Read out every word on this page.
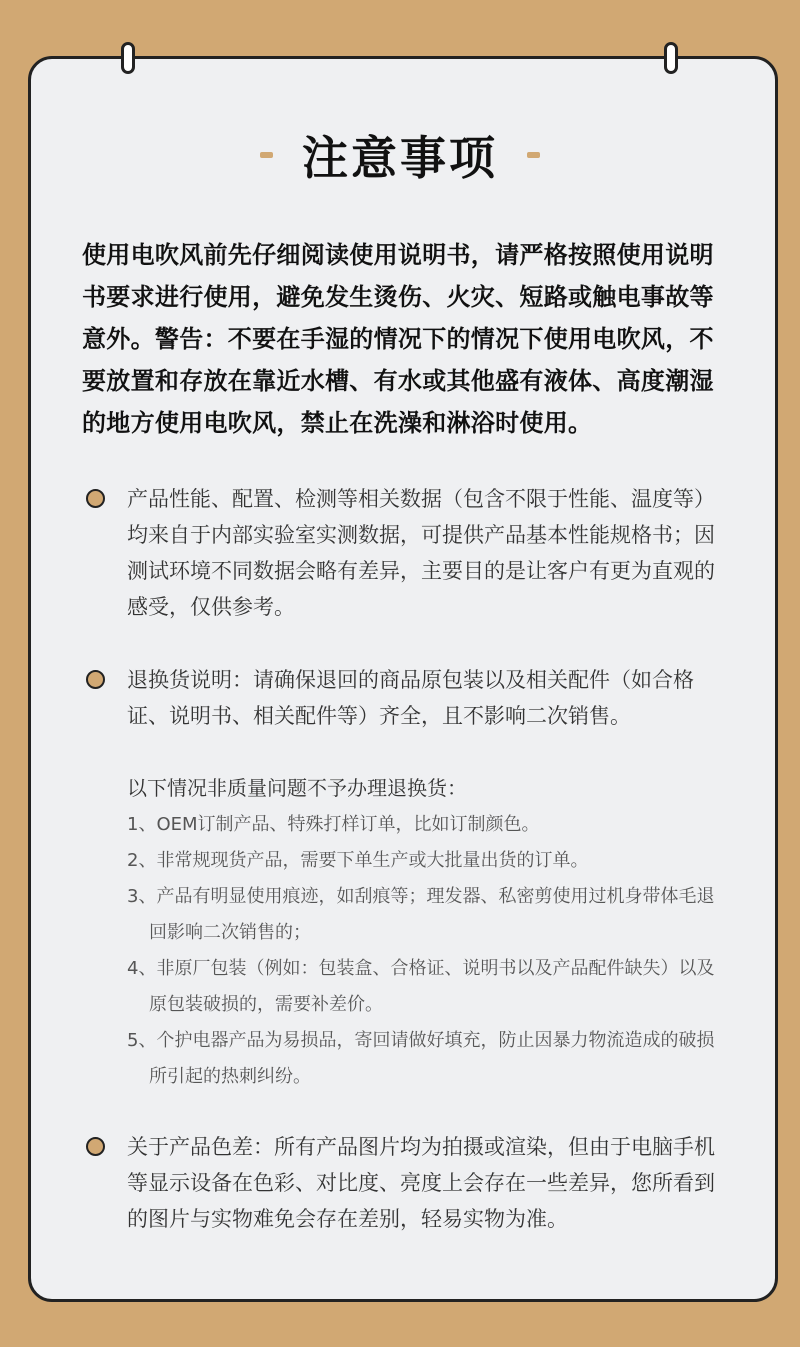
注意事项
使用电吹风前先仔细阅读使用说明书，请严格按照使用说明书要求进行使用，避免发生烫伤、火灾、短路或触电事故等意外。警告：不要在手湿的情况下的情况下使用电吹风，不要放置和存放在靠近水槽、有水或其他盛有液体、高度潮湿的地方使用电吹风，禁止在洗澡和淋浴时使用。
产品性能、配置、检测等相关数据（包含不限于性能、温度等）均来自于内部实验室实测数据，可提供产品基本性能规格书；因测试环境不同数据会略有差异，主要目的是让客户有更为直观的感受，仅供参考。
退换货说明：请确保退回的商品原包装以及相关配件（如合格证、说明书、相关配件等）齐全，且不影响二次销售。
以下情况非质量问题不予办理退换货：
1、OEM订制产品、特殊打样订单，比如订制颜色。
2、非常规现货产品，需要下单生产或大批量出货的订单。
3、产品有明显使用痕迹，如刮痕等；理发器、私密剪使用过机身带体毛退回影响二次销售的；
4、非原厂包装（例如：包装盒、合格证、说明书以及产品配件缺失）以及原包装破损的，需要补差价。
5、个护电器产品为易损品，寄回请做好填充，防止因暴力物流造成的破损所引起的热刺纠纷。
关于产品色差：所有产品图片均为拍摄或渲染，但由于电脑手机等显示设备在色彩、对比度、亮度上会存在一些差异，您所看到的图片与实物难免会存在差别，轻易实物为准。
